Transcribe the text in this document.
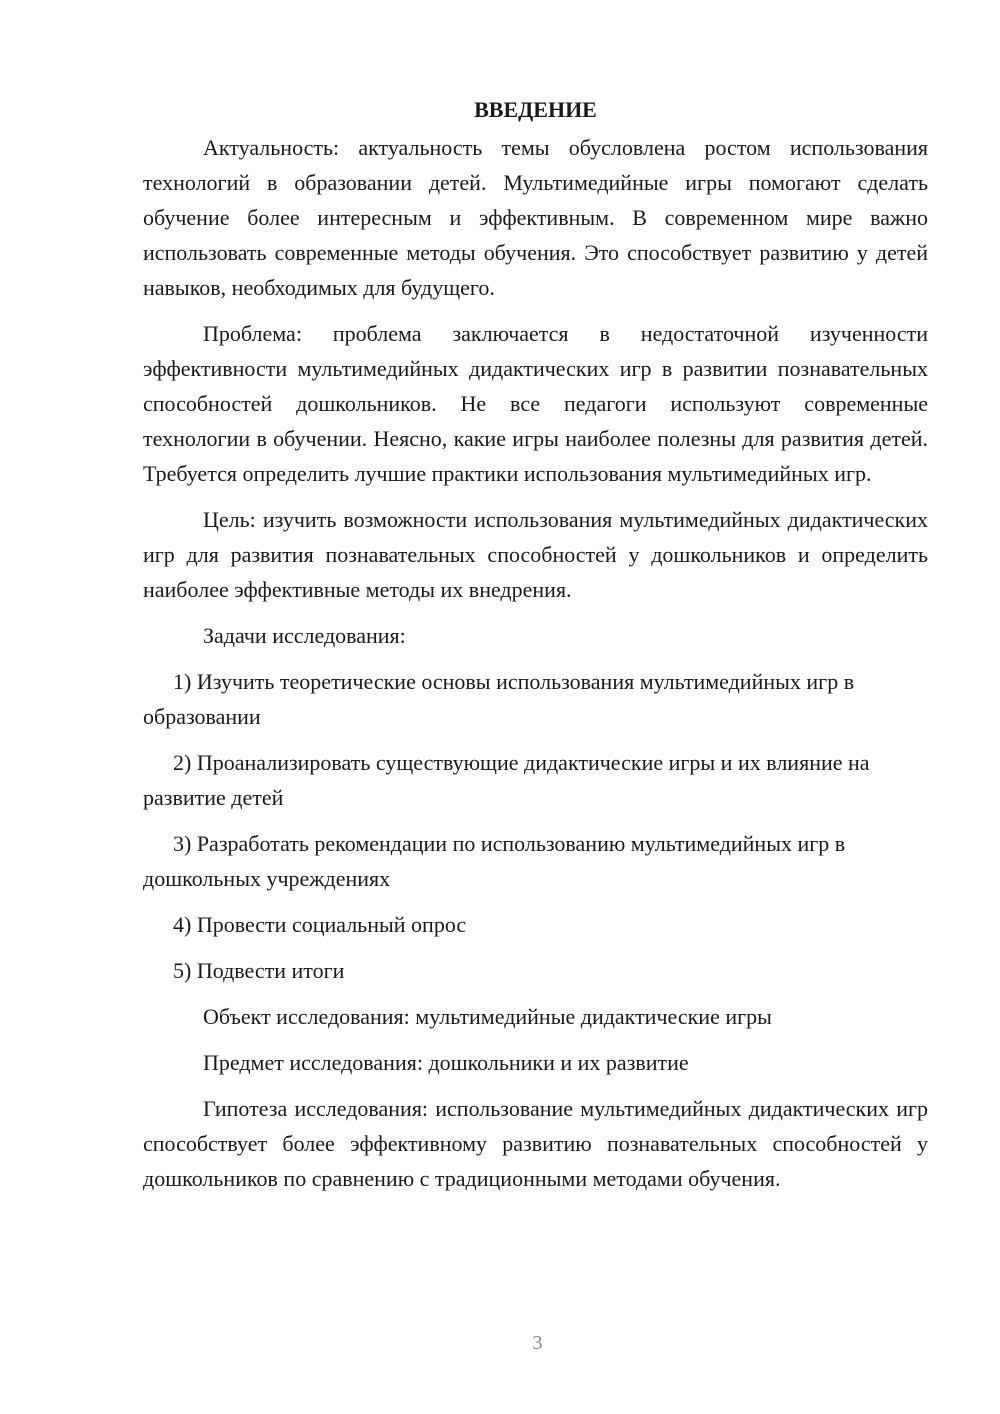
ВВЕДЕНИЕ

Актуальность: актуальность темы обусловлена ростом использования технологий в образовании детей. Мультимедийные игры помогают сделать обучение более интересным и эффективным. В современном мире важно использовать современные методы обучения. Это способствует развитию у детей навыков, необходимых для будущего.

Проблема: проблема заключается в недостаточной изученности эффективности мультимедийных дидактических игр в развитии познавательных способностей дошкольников. Не все педагоги используют современные технологии в обучении. Неясно, какие игры наиболее полезны для развития детей. Требуется определить лучшие практики использования мультимедийных игр.

Цель: изучить возможности использования мультимедийных дидактических игр для развития познавательных способностей у дошкольников и определить наиболее эффективные методы их внедрения.

Задачи исследования:

1) Изучить теоретические основы использования мультимедийных игр в образовании

2) Проанализировать существующие дидактические игры и их влияние на развитие детей

3) Разработать рекомендации по использованию мультимедийных игр в дошкольных учреждениях

4) Провести социальный опрос

5) Подвести итоги

Объект исследования: мультимедийные дидактические игры

Предмет исследования: дошкольники и их развитие

Гипотеза исследования: использование мультимедийных дидактических игр способствует более эффективному развитию познавательных способностей у дошкольников по сравнению с традиционными методами обучения.

3
